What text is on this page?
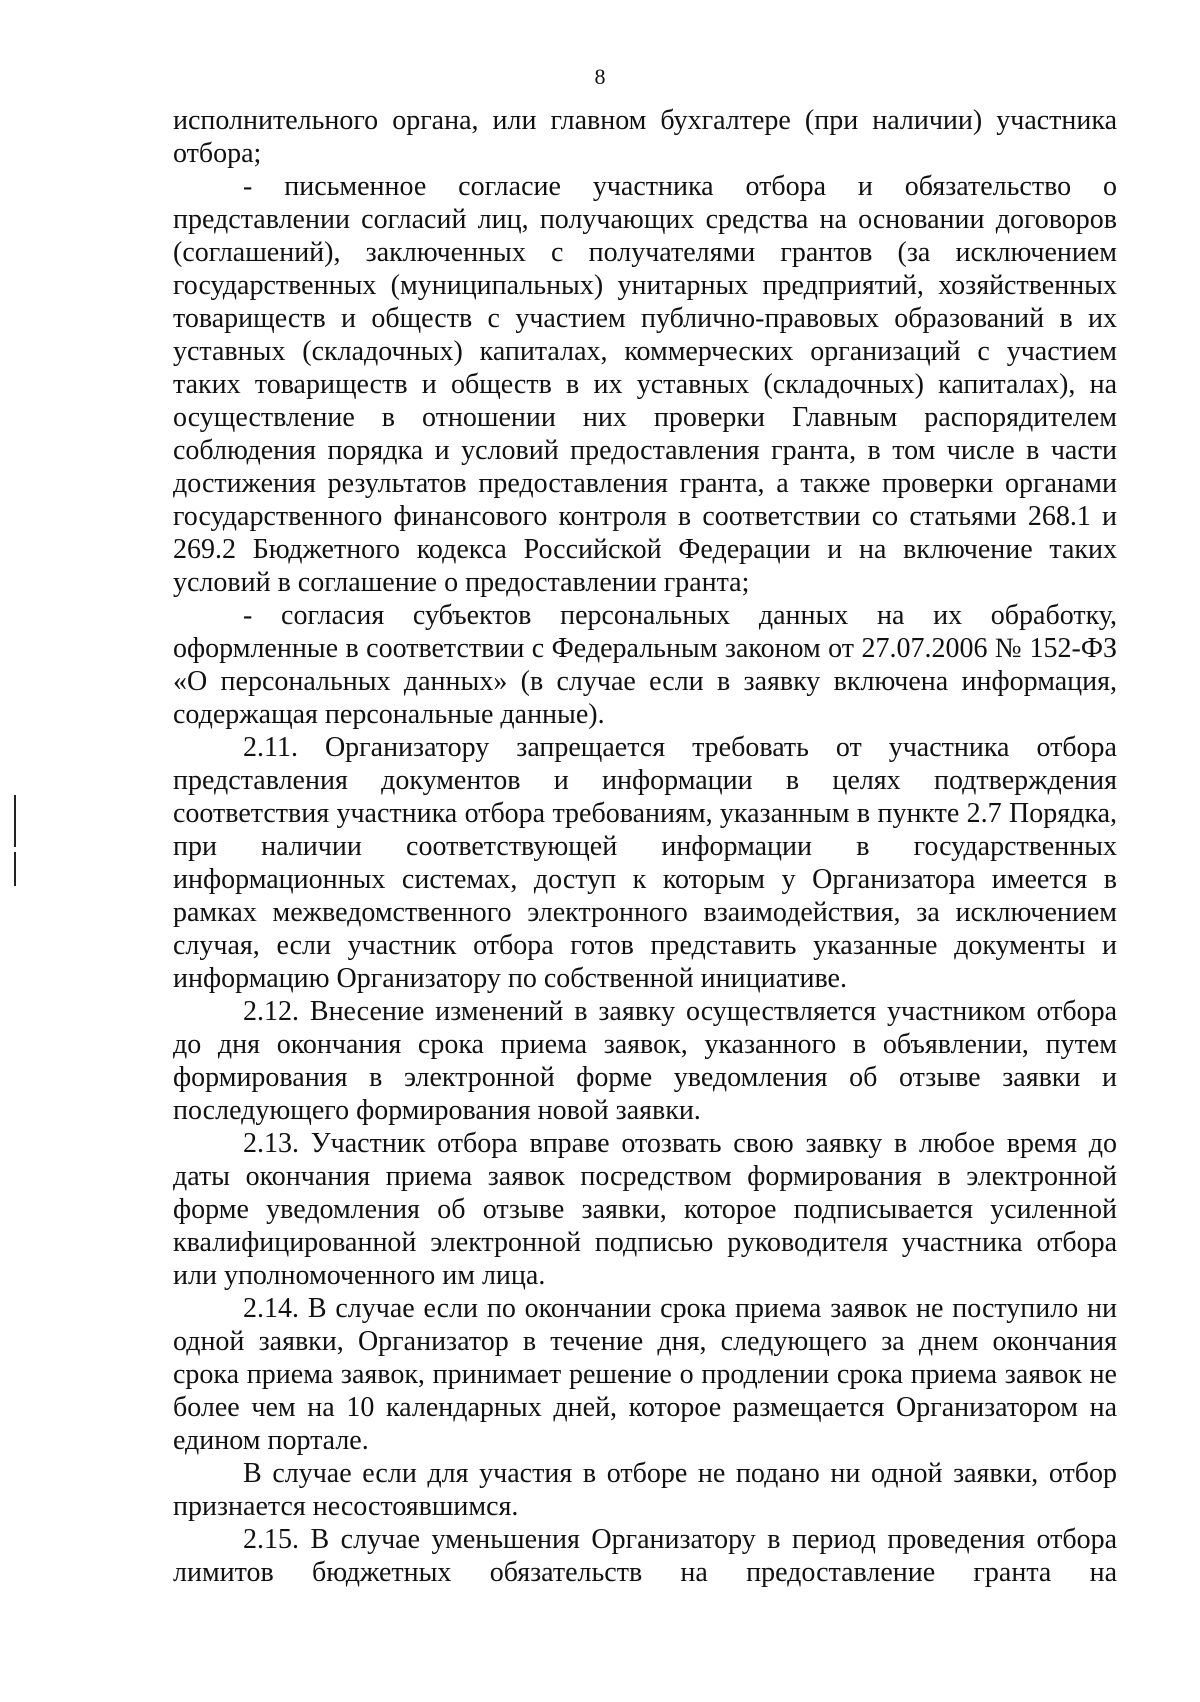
8

исполнительного органа, или главном бухгалтере (при наличии) участника отбора;

- письменное согласие участника отбора и обязательство о представлении согласий лиц, получающих средства на основании договоров (соглашений), заключенных с получателями грантов (за исключением государственных (муниципальных) унитарных предприятий, хозяйственных товариществ и обществ с участием публично-правовых образований в их уставных (складочных) капиталах, коммерческих организаций с участием таких товариществ и обществ в их уставных (складочных) капиталах), на осуществление в отношении них проверки Главным распорядителем соблюдения порядка и условий предоставления гранта, в том числе в части достижения результатов предоставления гранта, а также проверки органами государственного финансового контроля в соответствии со статьями 268.1 и 269.2 Бюджетного кодекса Российской Федерации и на включение таких условий в соглашение о предоставлении гранта;

- согласия субъектов персональных данных на их обработку, оформленные в соответствии с Федеральным законом от 27.07.2006 № 152-ФЗ «О персональных данных» (в случае если в заявку включена информация, содержащая персональные данные).

2.11. Организатору запрещается требовать от участника отбора представления документов и информации в целях подтверждения соответствия участника отбора требованиям, указанным в пункте 2.7 Порядка, при наличии соответствующей информации в государственных информационных системах, доступ к которым у Организатора имеется в рамках межведомственного электронного взаимодействия, за исключением случая, если участник отбора готов представить указанные документы и информацию Организатору по собственной инициативе.

2.12. Внесение изменений в заявку осуществляется участником отбора до дня окончания срока приема заявок, указанного в объявлении, путем формирования в электронной форме уведомления об отзыве заявки и последующего формирования новой заявки.

2.13. Участник отбора вправе отозвать свою заявку в любое время до даты окончания приема заявок посредством формирования в электронной форме уведомления об отзыве заявки, которое подписывается усиленной квалифицированной электронной подписью руководителя участника отбора или уполномоченного им лица.

2.14. В случае если по окончании срока приема заявок не поступило ни одной заявки, Организатор в течение дня, следующего за днем окончания срока приема заявок, принимает решение о продлении срока приема заявок не более чем на 10 календарных дней, которое размещается Организатором на едином портале.

В случае если для участия в отборе не подано ни одной заявки, отбор признается несостоявшимся.

2.15. В случае уменьшения Организатору в период проведения отбора лимитов бюджетных обязательств на предоставление гранта на
